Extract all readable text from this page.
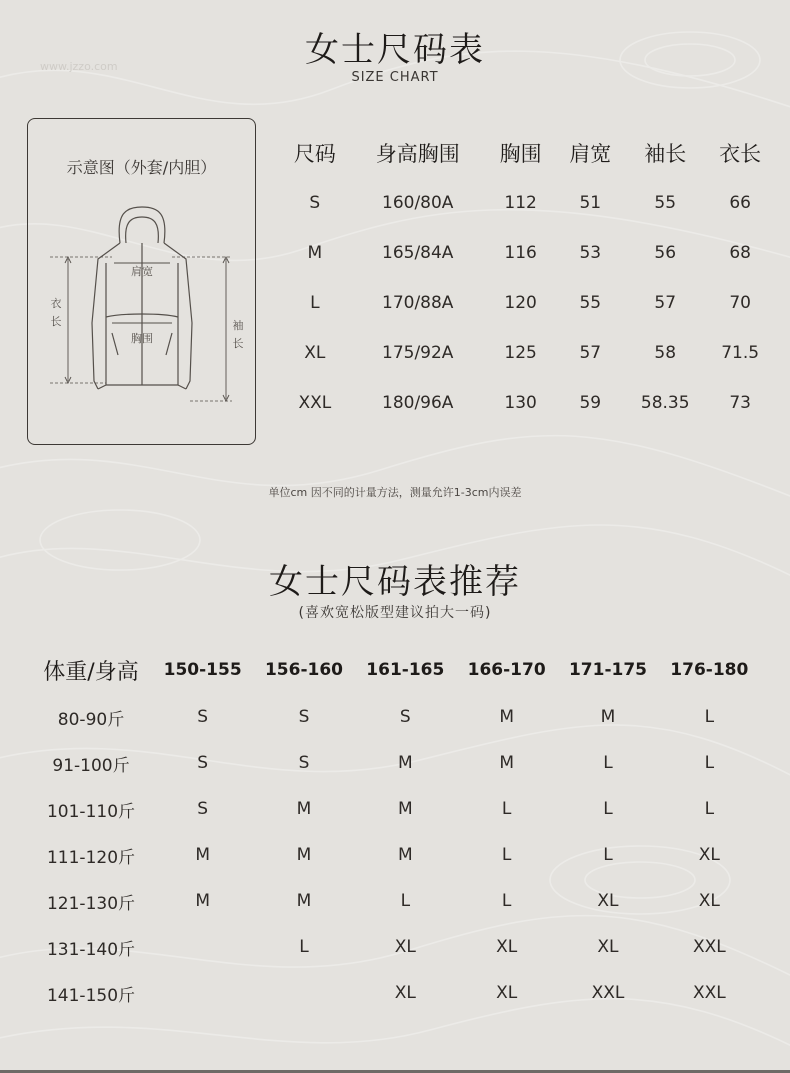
www.jzzo.com	女士尺码表
SIZE CHART
示意图（外套/内胆）
肩宽
胸围
衣
长	袖
长
尺码	身高胸围	胸围	肩宽	袖长	衣长
S	160/80A	112	51	55	66
M	165/84A	116	53	56	68
L	170/88A	120	55	57	70
XL	175/92A	125	57	58	71.5
XXL	180/96A	130	59	58.35	73
单位cm 因不同的计量方法，测量允许1-3cm内误差
女士尺码表推荐
(喜欢宽松版型建议拍大一码)
体重/身高	150-155	156-160	161-165	166-170	171-175	176-180
80-90斤	S	S	S	M	M	L
91-100斤	S	S	M	M	L	L
101-110斤	S	M	M	L	L	L
111-120斤	M	M	M	L	L	XL
121-130斤	M	M	L	L	XL	XL
131-140斤		L	XL	XL	XL	XXL
141-150斤			XL	XL	XXL	XXL
